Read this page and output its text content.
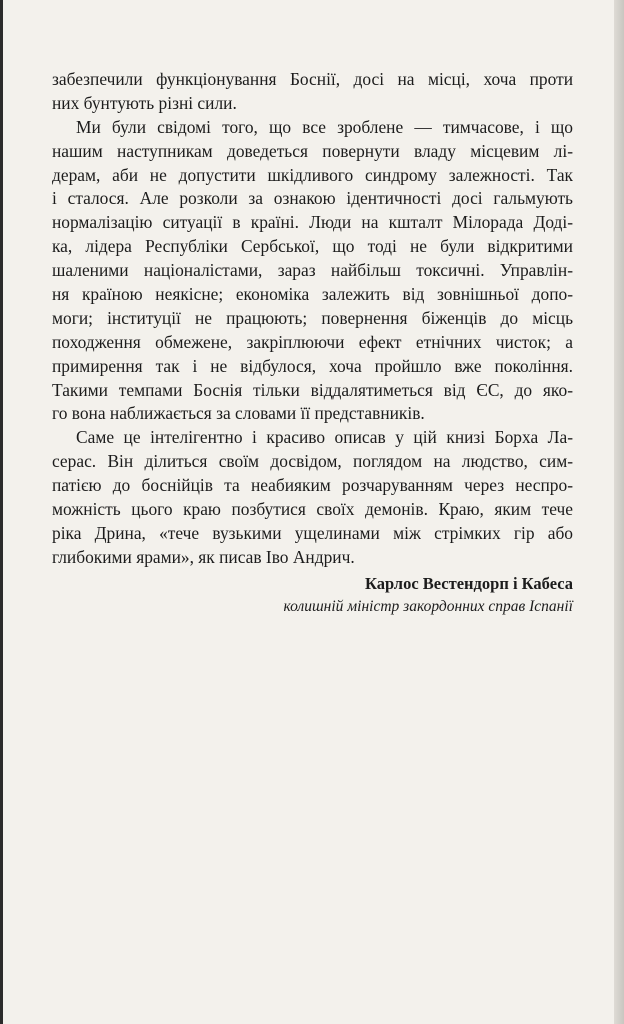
забезпечили функціонування Боснії, досі на місці, хоча проти
них бунтують різні сили.
Ми були свідомі того, що все зроблене — тимчасове, і що
нашим наступникам доведеться повернути владу місцевим лі-
дерам, аби не допустити шкідливого синдрому залежності. Так
і сталося. Але розколи за ознакою ідентичності досі гальмують
нормалізацію ситуації в країні. Люди на кшталт Мілорада Додi-
ка, лідера Республіки Сербської, що тоді не були відкритими
шаленими націоналістами, зараз найбільш токсичні. Управлін-
ня країною неякісне; економіка залежить від зовнішньої допо-
моги; інституції не працюють; повернення біженців до місць
походження обмежене, закріплюючи ефект етнічних чисток; а
примирення так і не відбулося, хоча пройшло вже покоління.
Такими темпами Боснія тільки віддалятиметься від ЄС, до яко-
го вона наближається за словами її представників.
Саме це інтелігентно і красиво описав у цій книзі Борха Ла-
серас. Він ділиться своїм досвідом, поглядом на людство, сим-
патією до боснійців та неабияким розчаруванням через неспро-
можність цього краю позбутися своїх демонів. Краю, яким тече
ріка Дрина, «тече вузькими ущелинами між стрімких гір або
глибокими ярами», як писав Іво Андрич.
Карлос Вестендорп і Кабеса
колишній міністр закордонних справ Іспанії
